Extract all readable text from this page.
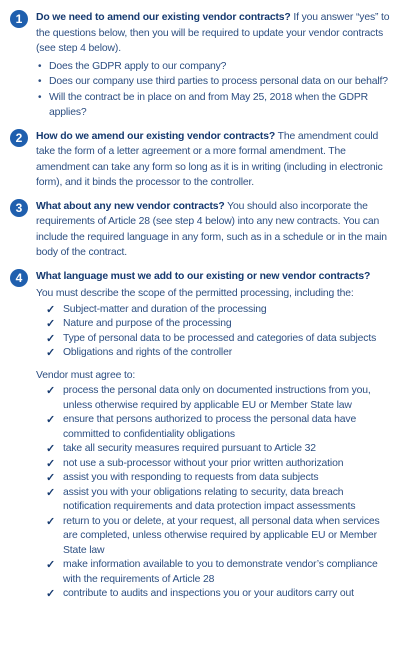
1	Do we need to amend our existing vendor contracts? If you answer “yes” to the questions below, then you will be required to update your vendor contracts (see step 4 below).
• Does the GDPR apply to our company?
• Does our company use third parties to process personal data on our behalf?
• Will the contract be in place on and from May 25, 2018 when the GDPR applies?
2	How do we amend our existing vendor contracts? The amendment could take the form of a letter agreement or a more formal amendment. The amendment can take any form so long as it is in writing (including in electronic form), and it binds the processor to the controller.
3	What about any new vendor contracts? You should also incorporate the requirements of Article 28 (see step 4 below) into any new contracts. You can include the required language in any form, such as in a schedule or in the main body of the contract.
4	What language must we add to our existing or new vendor contracts?
You must describe the scope of the permitted processing, including the:
✓ Subject-matter and duration of the processing
✓ Nature and purpose of the processing
✓ Type of personal data to be processed and categories of data subjects
✓ Obligations and rights of the controller
Vendor must agree to:
✓ process the personal data only on documented instructions from you, unless otherwise required by applicable EU or Member State law
✓ ensure that persons authorized to process the personal data have committed to confidentiality obligations
✓ take all security measures required pursuant to Article 32
✓ not use a sub-processor without your prior written authorization
✓ assist you with responding to requests from data subjects
✓ assist you with your obligations relating to security, data breach notification requirements and data protection impact assessments
✓ return to you or delete, at your request, all personal data when services are completed, unless otherwise required by applicable EU or Member State law
✓ make information available to you to demonstrate vendor’s compliance with the requirements of Article 28
✓ contribute to audits and inspections you or your auditors carry out
